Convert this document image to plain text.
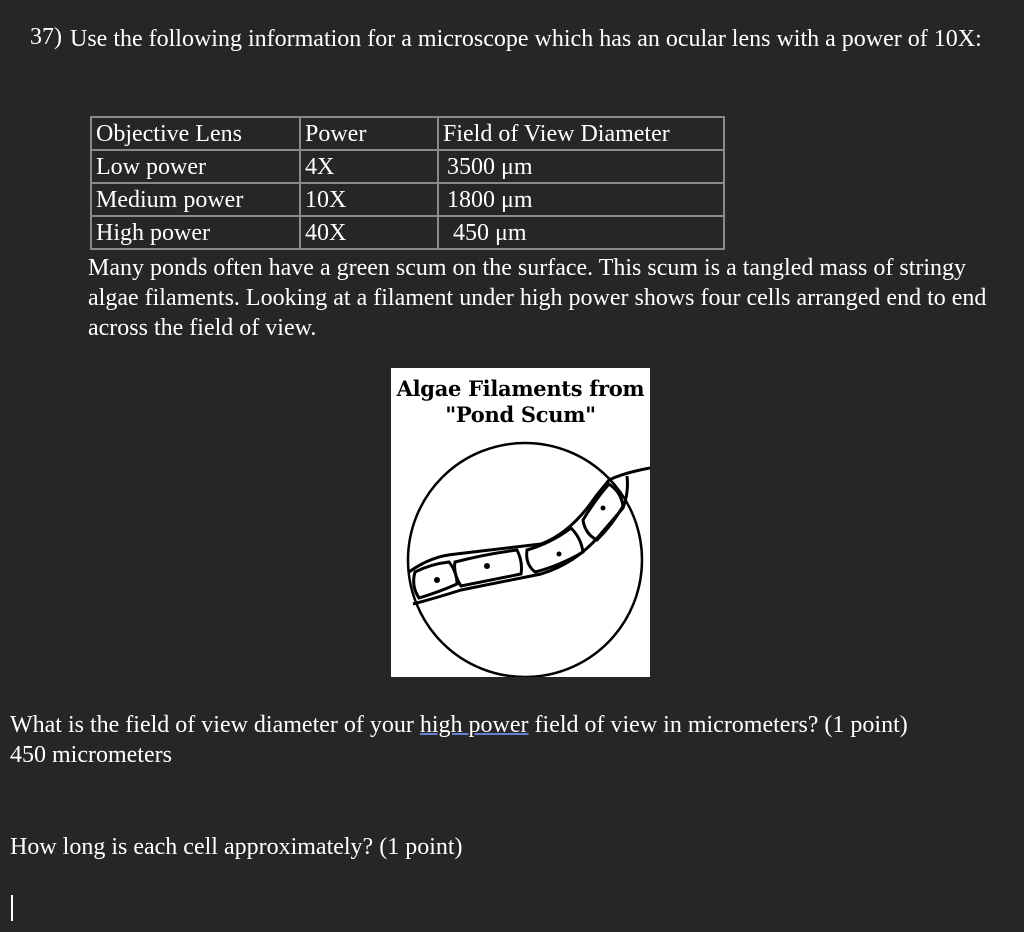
37) Use the following information for a microscope which has an ocular lens with a power of 10X:
Objective Lens	Power	Field of View Diameter
Low power	4X	3500 μm
Medium power	10X	1800 μm
High power	40X	450 μm
Many ponds often have a green scum on the surface. This scum is a tangled mass of stringy algae filaments. Looking at a filament under high power shows four cells arranged end to end across the field of view.
Algae Filaments from
"Pond Scum"
What is the field of view diameter of your high power field of view in micrometers? (1 point)
450 micrometers
How long is each cell approximately? (1 point)
